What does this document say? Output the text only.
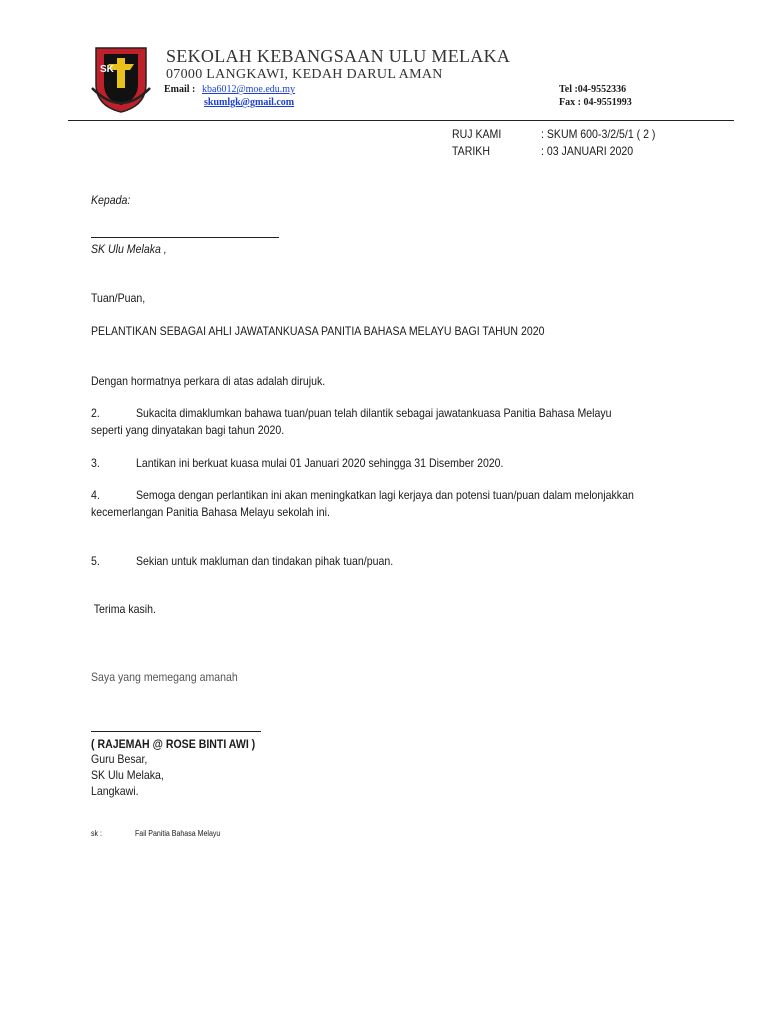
SK
SEKOLAH KEBANGSAAN ULU MELAKA
07000 LANGKAWI, KEDAH DARUL AMAN
Email : kba6012@moe.edu.my
skumlgk@gmail.com
Tel :04-9552336
Fax : 04-9551993
RUJ KAMI	: SKUM 600-3/2/5/1 ( 2 )
TARIKH	: 03 JANUARI 2020
Kepada:
SK Ulu Melaka ,
Tuan/Puan,
PELANTIKAN SEBAGAI AHLI JAWATANKUASA PANITIA BAHASA MELAYU BAGI TAHUN 2020
Dengan hormatnya perkara di atas adalah dirujuk.
2.	Sukacita dimaklumkan bahawa tuan/puan telah dilantik sebagai jawatankuasa Panitia Bahasa Melayu
seperti yang dinyatakan bagi tahun 2020.
3.	Lantikan ini berkuat kuasa mulai 01 Januari 2020 sehingga 31 Disember 2020.
4.	Semoga dengan perlantikan ini akan meningkatkan lagi kerjaya dan potensi tuan/puan dalam melonjakkan
kecemerlangan Panitia Bahasa Melayu sekolah ini.
5.	Sekian untuk makluman dan tindakan pihak tuan/puan.
Terima kasih.
Saya yang memegang amanah
( RAJEMAH @ ROSE BINTI AWI )
Guru Besar,
SK Ulu Melaka,
Langkawi.
sk :	Fail Panitia Bahasa Melayu
